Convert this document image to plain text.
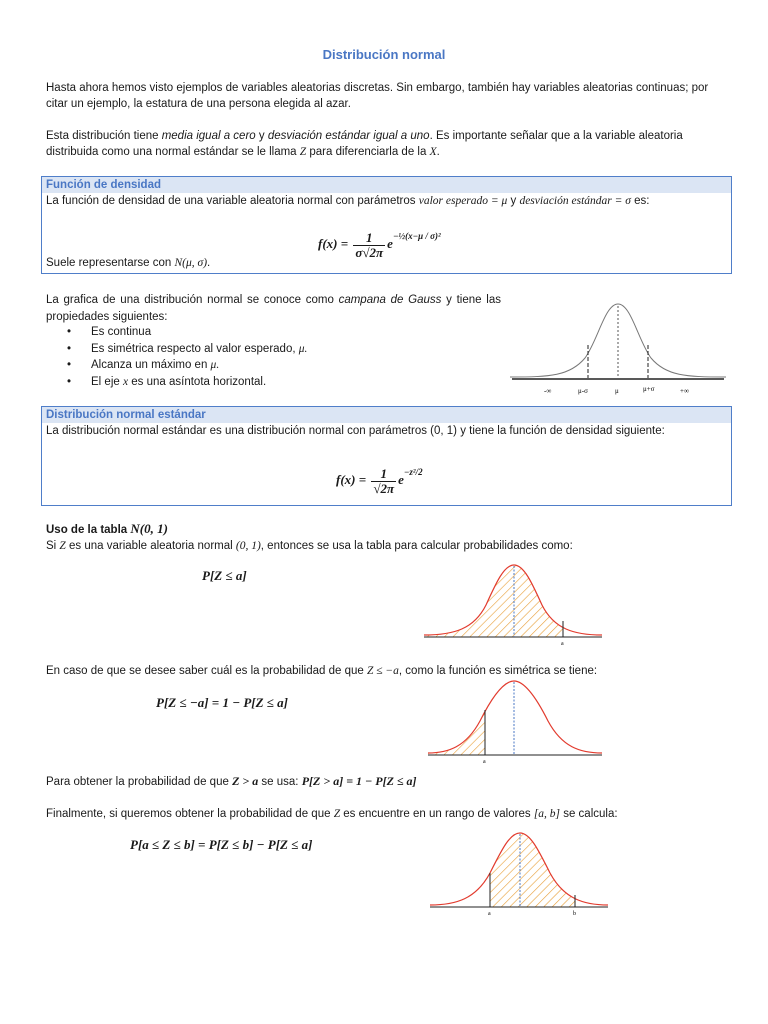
Distribución normal
Hasta ahora hemos visto ejemplos de variables aleatorias discretas. Sin embargo, también hay variables aleatorias continuas; por citar un ejemplo, la estatura de una persona elegida al azar.
Esta distribución tiene media igual a cero y desviación estándar igual a uno. Es importante señalar que a la variable aleatoria distribuida como una normal estándar se le llama Z para diferenciarla de la X.
Función de densidad
La función de densidad de una variable aleatoria normal con parámetros valor esperado = μ y desviación estándar = σ es:
$f(x) = \frac{1}{\sigma√2\pi} e^{-\frac{1}{2}(x-\mu / \sigma)^2}$
Suele representarse con N(μ, σ).
La grafica de una distribución normal se conoce como campana de Gauss y tiene las propiedades siguientes:
• Es continua
• Es simétrica respecto al valor esperado, μ.
• Alcanza un máximo en μ.
• El eje x es una asíntota horizontal.
-∞	μ-σ	μ	μ+σ	+∞
Distribución normal estándar
La distribución normal estándar es una distribución normal con parámetros (0, 1) y tiene la función de densidad siguiente:
$f(x) = \frac{1}{√2\pi} e^{-z^2/2}$
Uso de la tabla N(0, 1)
Si Z es una variable aleatoria normal (0, 1), entonces se usa la tabla para calcular probabilidades como:
P[Z ≤ a]
a
En caso de que se desee saber cuál es la probabilidad de que Z ≤ −a, como la función es simétrica se tiene:
P[Z ≤ −a] = 1 − P[Z ≤ a]
a
Para obtener la probabilidad de que Z > a se usa: P[Z > a] = 1 − P[Z ≤ a]
Finalmente, si queremos obtener la probabilidad de que Z es encuentre en un rango de valores [a, b] se calcula:
P[a ≤ Z ≤ b] = P[Z ≤ b] − P[Z ≤ a]
a	b
